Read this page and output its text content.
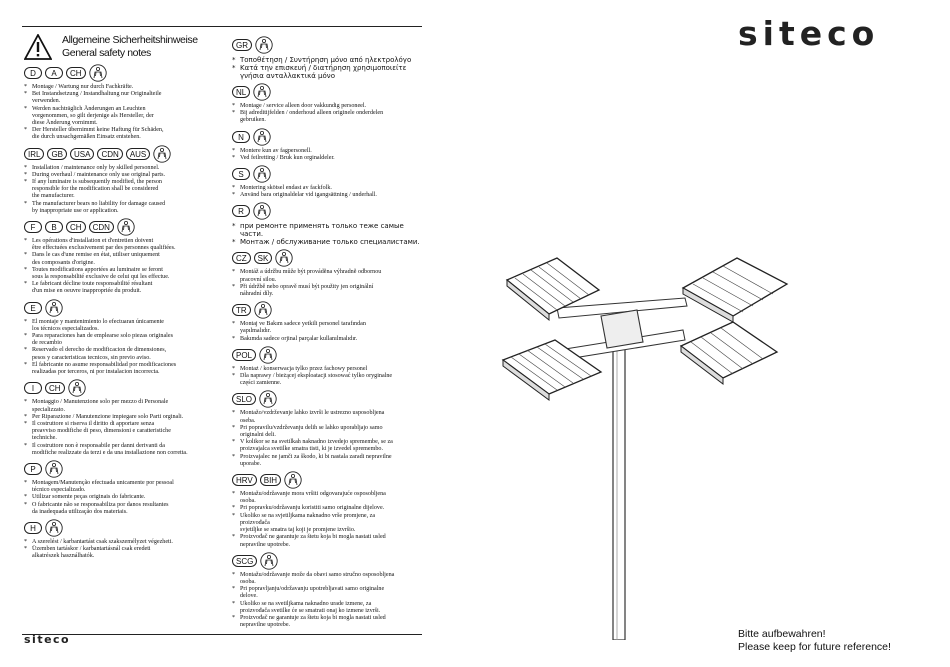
Allgemeine Sicherheitshinweise
General safety notes
D	A	CH
* Montage / Wartung nur durch Fachkräfte.
* Bei Instandsetzung / Instandhaltung nur Originalteile
verwenden.
* Werden nachträglich Änderungen an Leuchten
vorgenommen, so gilt derjenige als Hersteller, der
diese Änderung vornimmt.
* Der Hersteller übernimmt keine Haftung für Schäden,
die durch unsachgemäßen Einsatz entstehen.
IRL	GB	USA	CDN	AUS
* Installation / maintenance only by skilled personnel.
* During overhaul / maintenance only use original parts.
* If any luminaire is subsequently modified, the person
responsible for the modification shall be considered
the manufacturer.
* The manufacturer bears no liability for damage caused
by inappropriate use or application.
F	B	CH	CDN
* Les opérations d'installation et d'entretien doivent
être effectuées exclusivement par des personnes qualifiées.
* Dans le cas d'une remise en état, utiliser uniquement
des composants d'origine.
* Toutes modifications apportées au luminaire se feront
sous la responsabilité exclusive de celui qui les effectue.
* Le fabricant décline toute responsabilité résultant
d'un mise en oeuvre inappropriée du produit.
E
* El montaje y mantenimiento lo efectuaran únicamente
los técnicos especializados.
* Para reparaciones han de emplearse solo piezas originales
de recambio
* Reservado el derecho de modificacion de dimensiones,
pesos y caracteristicas tecnicos, sin previo aviso.
* El fabricante no asume responsabilidad por modificaciones
realizadas por terceros, ni por instalacion incorrecta.
I	CH
* Montaggio / Manutenzione solo per mezzo di Personale
specializzato.
* Per Riparazione / Manutenzione impiegare solo Parti orginali.
* Il costruttore si riserva il diritto di apportare senza
preavviso modifiche di peso, dimensioni e caratteristiche
techniche.
* Il costruttore non è responsabile per danni derivanti da
modifiche realizzate da terzi e da una installazione non corretta.
P
* Montagem/Manutenção efectuada unicamente por pessoal
técnico especializado.
* Utilizar somente peças originais do fabricante.
* O fabricante não se responsabiliza por danos resultantes
da inadequada utilização dos materiais.
H
* A szerelést / karbantartást csak szakszemélyzet végezheti.
* Üzemben tartáskor / karbantartásnál csak eredeti
alkatrészek használhatók.
GR
* Τοποθέτηση / Συντήρηση μόνο από ηλεκτρολόγο
* Κατά την επισκευή / διατήρηση χρησιμοποιείτε
γνήσια ανταλλακτικά μόνο
NL
* Montage / service alleen door vakkundig personeel.
* Bij adreditijfelden / onderhoud alleen originele onderdelen
gebruiken.
N
* Montere kun av fagpersonell.
* Ved feilretting / Bruk kun orginaldeler.
S
* Montering skötsel endast av fackfolk.
* Använd bara originaldelar vid igangsättning / underhall.
R
* при ремонте применять только теже самые части.
* Монтаж / обслуживание только специалистами.
CZ	SK
* Montáž a údržbu může být provádĕna výhradnĕ odbornou
pracovní silou.
* Při údržbě nebo opravě musí být použity jen originální
náhradní díly.
TR
* Montaj ve Bakım sadece yetkili personel tarafından
yapılmalıdır.
* Bakımda sadece orjinal parçalar kullanılmalıdır.
POL
* Montaż / konserwacja tylko przez fachowy personel
* Dla naprawy / bieżącej eksploatacji stosować tylko oryginalne
części zamienne.
SLO
* Montažo/vzdrževanje lahko izvrši le ustrezno usposobljena
oseba.
* Pri popravilu/vzdrževanju delih se lahko uporabljajo samo
originalni deli.
* V kolikor se na svetilkah naknadno izvedejo spremembe, se za
proizvajalca svetilke smatra tisti, ki je izvedel spremembo.
* Proizvajalec ne jamči za škodo, ki bi nastala zaradi nepravilne
uporabe.
HRV	BIH
* Montažu/održavanje mora vršiti odgovarajuće osposobljena
osoba.
* Pri popravku/održavanju koristiti samo originalne dijelove.
* Ukoliko se na svjetiljkama naknadno vrše promjene, za
proizvođača
svjetiljke se smatra taj koji je promjene izvršio.
* Proizvođač ne garantuje za štetu koja bi mogla nastati usled
nepravilne upotrebe.
SCG
* Montažu/održavanje može da obavi samo stručno osposobljena
osoba.
* Pri popravljanju/održavanju upotrebljavati samo originalne
delove.
* Ukoliko se na svetiljkama naknadno urade izmene, za
proizvođača svetilke će se smatrati onaj ko izmene izvrši.
* Proizvođač ne garantuje za štetu koja bi mogla nastati usled
nepravilne upotrebe.
siteco
siteco	Bitte aufbewahren!
Please keep for future reference!
